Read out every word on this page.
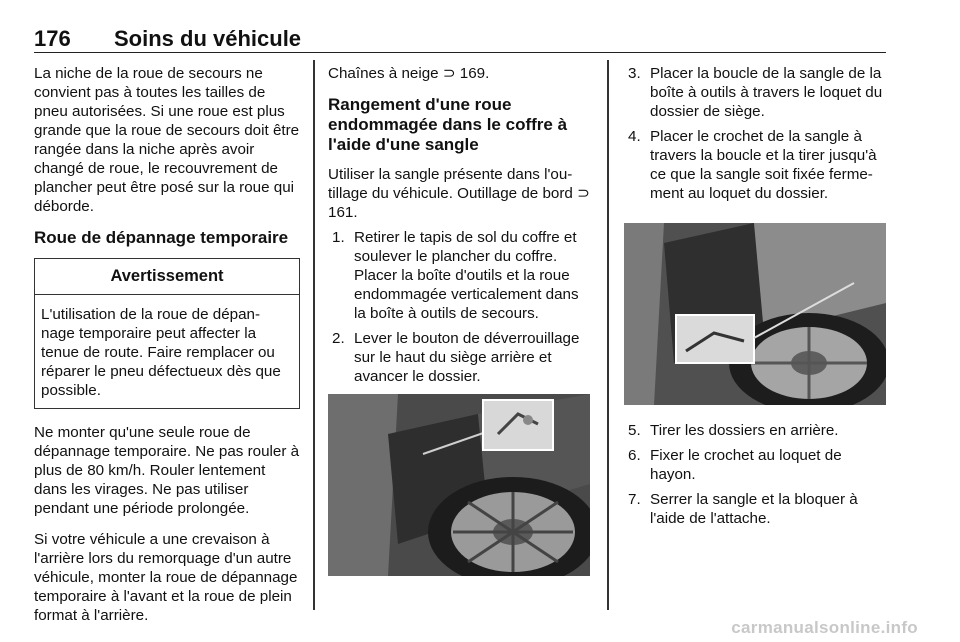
176 Soins du véhicule

La niche de la roue de secours ne convient pas à toutes les tailles de pneu autorisées. Si une roue est plus grande que la roue de secours doit être rangée dans la niche après avoir changé de roue, le recouvrement de plancher peut être posé sur la roue qui déborde.

Roue de dépannage temporaire
Avertissement
L'utilisation de la roue de dépan- nage temporaire peut affecter la tenue de route. Faire remplacer ou réparer le pneu défectueux dès que possible.

Ne monter qu'une seule roue de dépannage temporaire. Ne pas rouler à plus de 80 km/h. Rouler lentement dans les virages. Ne pas utiliser pendant une période prolongée.

Si votre véhicule a une crevaison à l'arrière lors du remorquage d'un autre véhicule, monter la roue de dépannage temporaire à l'avant et la roue de plein format à l'arrière.

Chaînes à neige ⊃ 169.

Rangement d'une roue endommagée dans le coffre à l'aide d'une sangle

Utiliser la sangle présente dans l'ou- tillage du véhicule. Outillage de bord ⊃ 161.

1. Retirer le tapis de sol du coffre et soulever le plancher du coffre. Placer la boîte d'outils et la roue endommagée verticalement dans la boîte à outils de secours.
2. Lever le bouton de déverrouillage sur le haut du siège arrière et avancer le dossier.
3. Placer la boucle de la sangle de la boîte à outils à travers le loquet du dossier de siège.
4. Placer le crochet de la sangle à travers la boucle et la tirer jusqu'à ce que la sangle soit fixée ferme- ment au loquet du dossier.
5. Tirer les dossiers en arrière.
6. Fixer le crochet au loquet de hayon.
7. Serrer la sangle et la bloquer à l'aide de l'attache.
carmanualsonline.info
